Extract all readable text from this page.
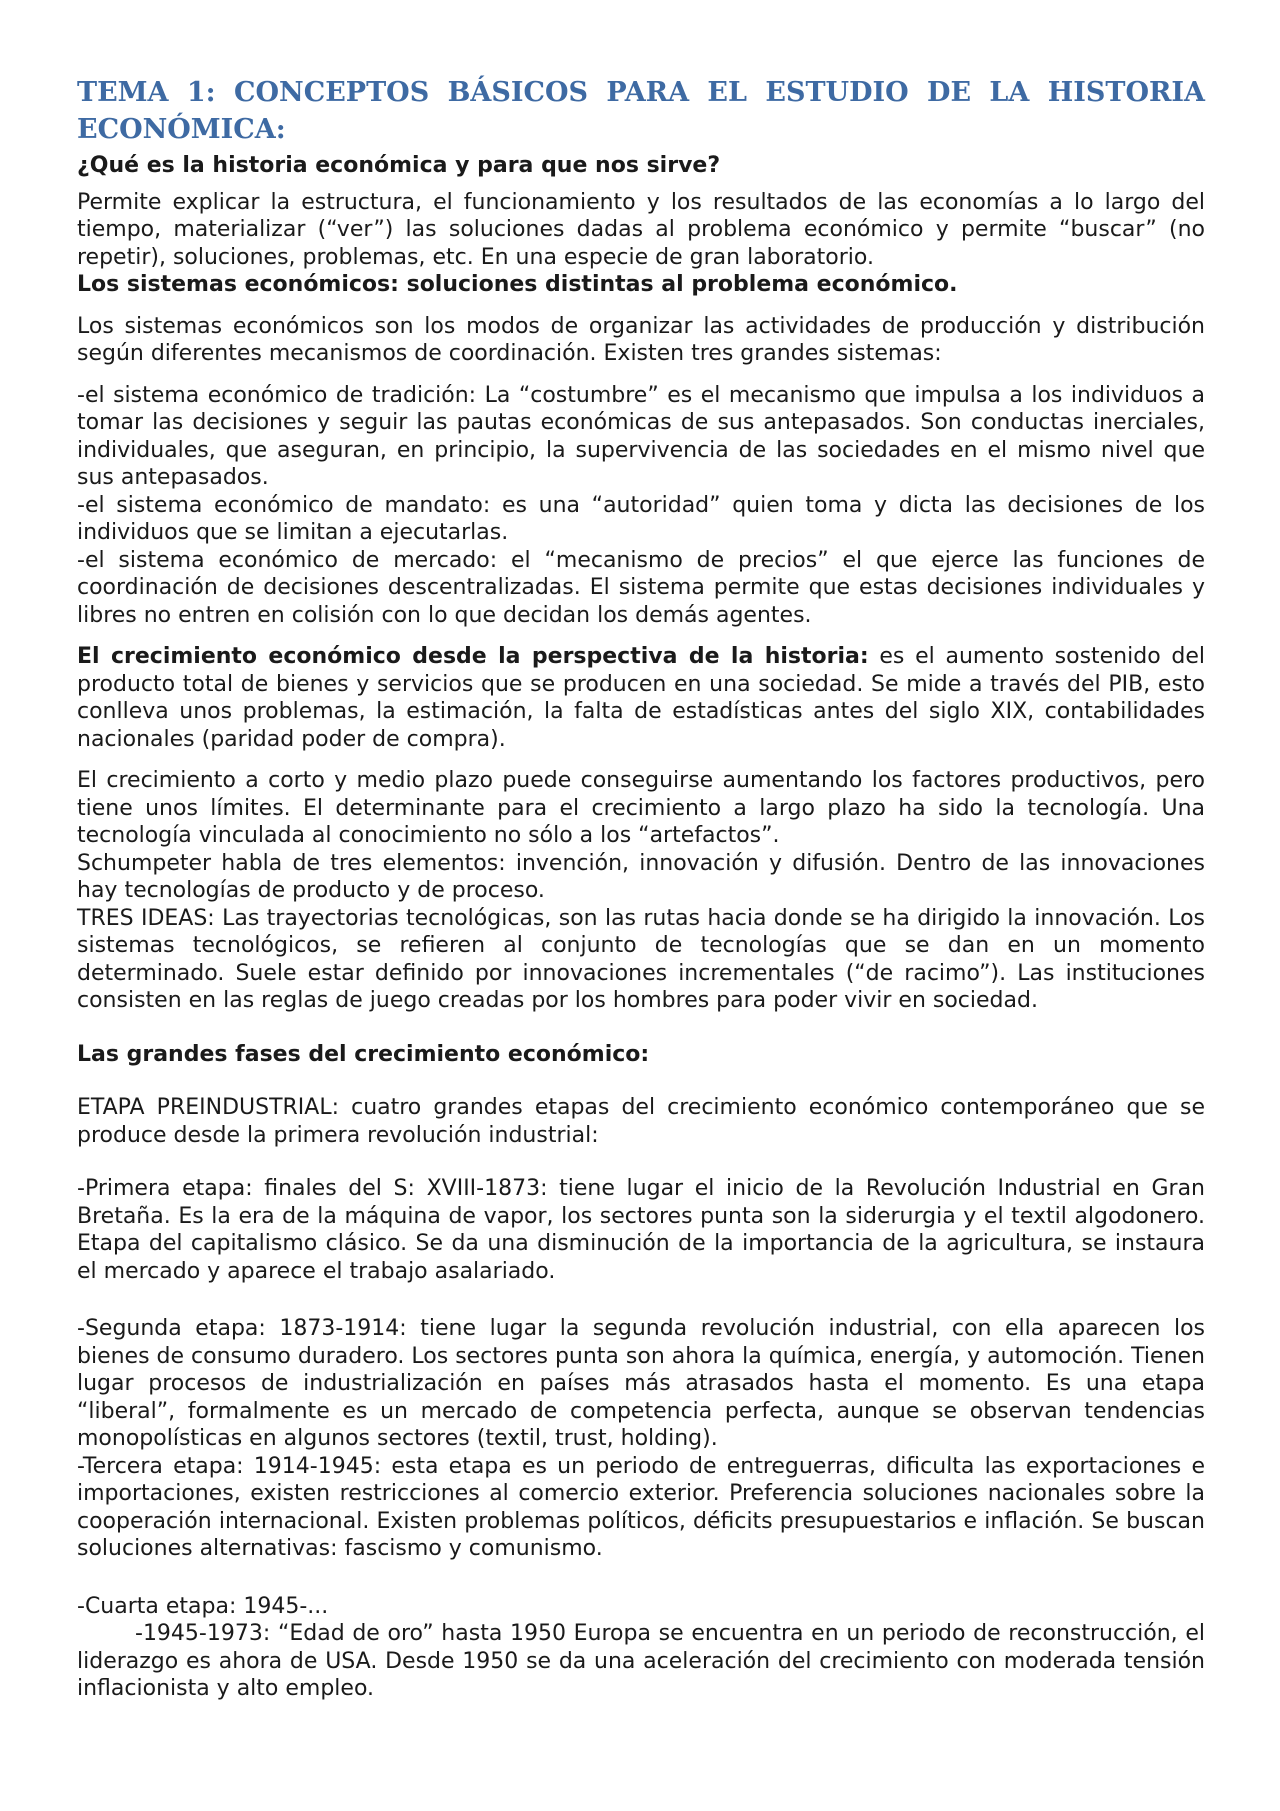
TEMA 1: CONCEPTOS BÁSICOS PARA EL ESTUDIO DE LA HISTORIA ECONÓMICA:
¿Qué es la historia económica y para que nos sirve?

Permite explicar la estructura, el funcionamiento y los resultados de las economías a lo largo del tiempo, materializar (“ver”) las soluciones dadas al problema económico y permite “buscar” (no repetir), soluciones, problemas, etc. En una especie de gran laboratorio.

Los sistemas económicos: soluciones distintas al problema económico.

Los sistemas económicos son los modos de organizar las actividades de producción y distribución según diferentes mecanismos de coordinación. Existen tres grandes sistemas:

-el sistema económico de tradición: La “costumbre” es el mecanismo que impulsa a los individuos a tomar las decisiones y seguir las pautas económicas de sus antepasados. Son conductas inerciales, individuales, que aseguran, en principio, la supervivencia de las sociedades en el mismo nivel que sus antepasados.

-el sistema económico de mandato: es una “autoridad” quien toma y dicta las decisiones de los individuos que se limitan a ejecutarlas.

-el sistema económico de mercado: el “mecanismo de precios” el que ejerce las funciones de coordinación de decisiones descentralizadas. El sistema permite que estas decisiones individuales y libres no entren en colisión con lo que decidan los demás agentes.

El crecimiento económico desde la perspectiva de la historia: es el aumento sostenido del producto total de bienes y servicios que se producen en una sociedad. Se mide a través del PIB, esto conlleva unos problemas, la estimación, la falta de estadísticas antes del siglo XIX, contabilidades nacionales (paridad poder de compra).

El crecimiento a corto y medio plazo puede conseguirse aumentando los factores productivos, pero tiene unos límites. El determinante para el crecimiento a largo plazo ha sido la tecnología. Una tecnología vinculada al conocimiento no sólo a los “artefactos”.

Schumpeter habla de tres elementos: invención, innovación y difusión. Dentro de las innovaciones hay tecnologías de producto y de proceso.

TRES IDEAS: Las trayectorias tecnológicas, son las rutas hacia donde se ha dirigido la innovación. Los sistemas tecnológicos, se refieren al conjunto de tecnologías que se dan en un momento determinado. Suele estar definido por innovaciones incrementales (“de racimo”). Las instituciones consisten en las reglas de juego creadas por los hombres para poder vivir en sociedad.

Las grandes fases del crecimiento económico:

ETAPA PREINDUSTRIAL: cuatro grandes etapas del crecimiento económico contemporáneo que se produce desde la primera revolución industrial:

-Primera etapa: finales del S: XVIII-1873: tiene lugar el inicio de la Revolución Industrial en Gran Bretaña. Es la era de la máquina de vapor, los sectores punta son la siderurgia y el textil algodonero. Etapa del capitalismo clásico. Se da una disminución de la importancia de la agricultura, se instaura el mercado y aparece el trabajo asalariado.

-Segunda etapa: 1873-1914: tiene lugar la segunda revolución industrial, con ella aparecen los bienes de consumo duradero. Los sectores punta son ahora la química, energía, y automoción. Tienen lugar procesos de industrialización en países más atrasados hasta el momento. Es una etapa “liberal”, formalmente es un mercado de competencia perfecta, aunque se observan tendencias monopolísticas en algunos sectores (textil, trust, holding).

-Tercera etapa: 1914-1945: esta etapa es un periodo de entreguerras, dificulta las exportaciones e importaciones, existen restricciones al comercio exterior. Preferencia soluciones nacionales sobre la cooperación internacional. Existen problemas políticos, déficits presupuestarios e inflación. Se buscan soluciones alternativas: fascismo y comunismo.

-Cuarta etapa: 1945-...

-1945-1973: “Edad de oro” hasta 1950 Europa se encuentra en un periodo de reconstrucción, el liderazgo es ahora de USA. Desde 1950 se da una aceleración del crecimiento con moderada tensión inflacionista y alto empleo.
